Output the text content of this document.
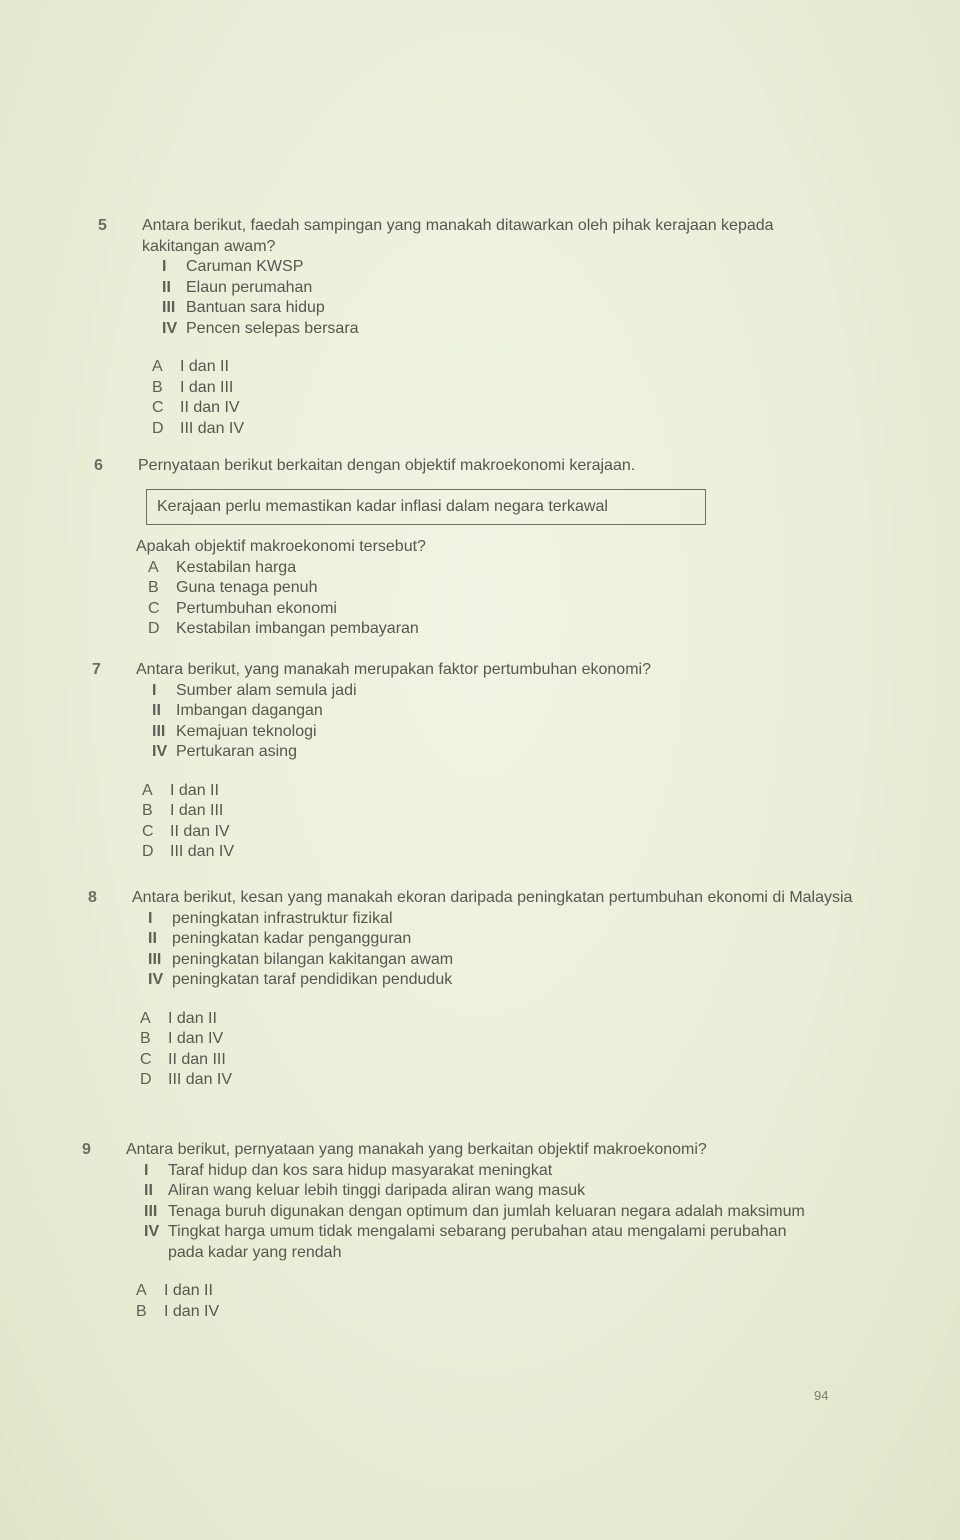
5	Antara berikut, faedah sampingan yang manakah ditawarkan oleh pihak kerajaan kepada kakitangan awam?
I	Caruman KWSP
II Elaun perumahan
III Bantuan sara hidup
IV Pencen selepas bersara
A	I dan II
B	I dan III
C	II dan IV
D	III dan IV
6	Pernyataan berikut berkaitan dengan objektif makroekonomi kerajaan.
Kerajaan perlu memastikan kadar inflasi dalam negara terkawal
Apakah objektif makroekonomi tersebut?
A	Kestabilan harga
B	Guna tenaga penuh
C	Pertumbuhan ekonomi
D	Kestabilan imbangan pembayaran
7	Antara berikut, yang manakah merupakan faktor pertumbuhan ekonomi?
I	Sumber alam semula jadi
II Imbangan dagangan
III Kemajuan teknologi
IV Pertukaran asing
A	I dan II
B	I dan III
C	II dan IV
D	III dan IV
8	Antara berikut, kesan yang manakah ekoran daripada peningkatan pertumbuhan ekonomi di Malaysia
I	peningkatan infrastruktur fizikal
II peningkatan kadar pengangguran
III peningkatan bilangan kakitangan awam
IV peningkatan taraf pendidikan penduduk
A	I dan II
B	I dan IV
C	II dan III
D	III dan IV
9	Antara berikut, pernyataan yang manakah yang berkaitan objektif makroekonomi?
I	Taraf hidup dan kos sara hidup masyarakat meningkat
II Aliran wang keluar lebih tinggi daripada aliran wang masuk
III Tenaga buruh digunakan dengan optimum dan jumlah keluaran negara adalah maksimum
IV Tingkat harga umum tidak mengalami sebarang perubahan atau mengalami perubahan pada kadar yang rendah
A	I dan II
B	I dan IV
94
